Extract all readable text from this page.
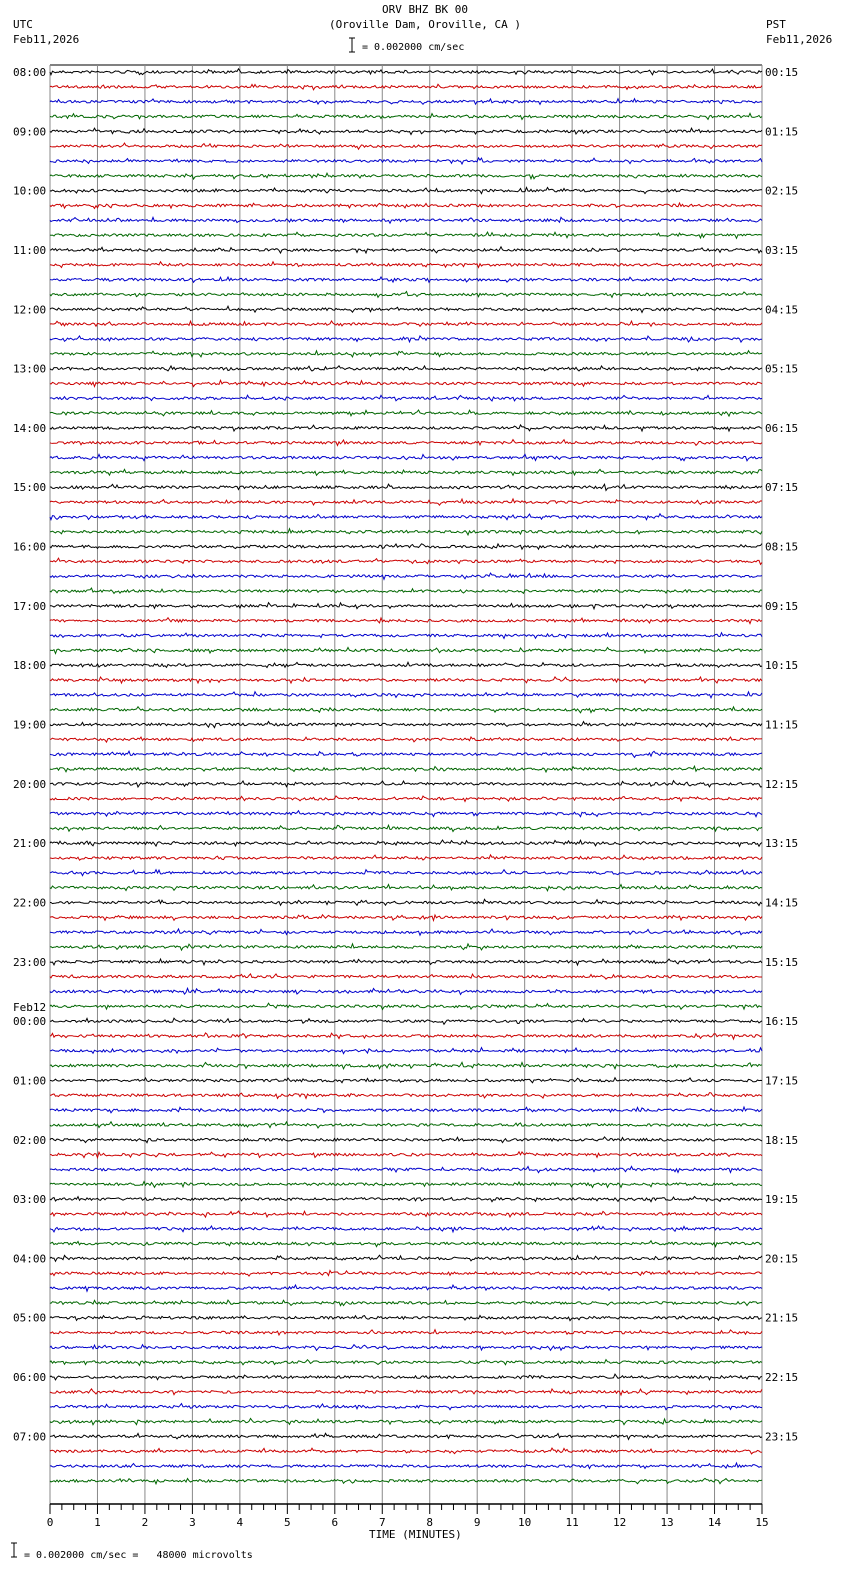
ORV BHZ BK 00
(Oroville Dam, Oroville, CA )
UTC
Feb11,2026
PST
Feb11,2026
= 0.002000 cm/sec
TIME (MINUTES)
= 0.002000 cm/sec =   48000 microvolts
0	1	2	3	4	5	6	7	8	9	10	11	12	13	14	15
08:00
09:00
10:00
11:00
12:00
13:00
14:00
15:00
16:00
17:00
18:00
19:00
20:00
21:00
22:00
23:00
00:00
Feb12
01:00
02:00
03:00
04:00
05:00
06:00
07:00
00:15
01:15
02:15
03:15
04:15
05:15
06:15
07:15
08:15
09:15
10:15
11:15
12:15
13:15
14:15
15:15
16:15
17:15
18:15
19:15
20:15
21:15
22:15
23:15
